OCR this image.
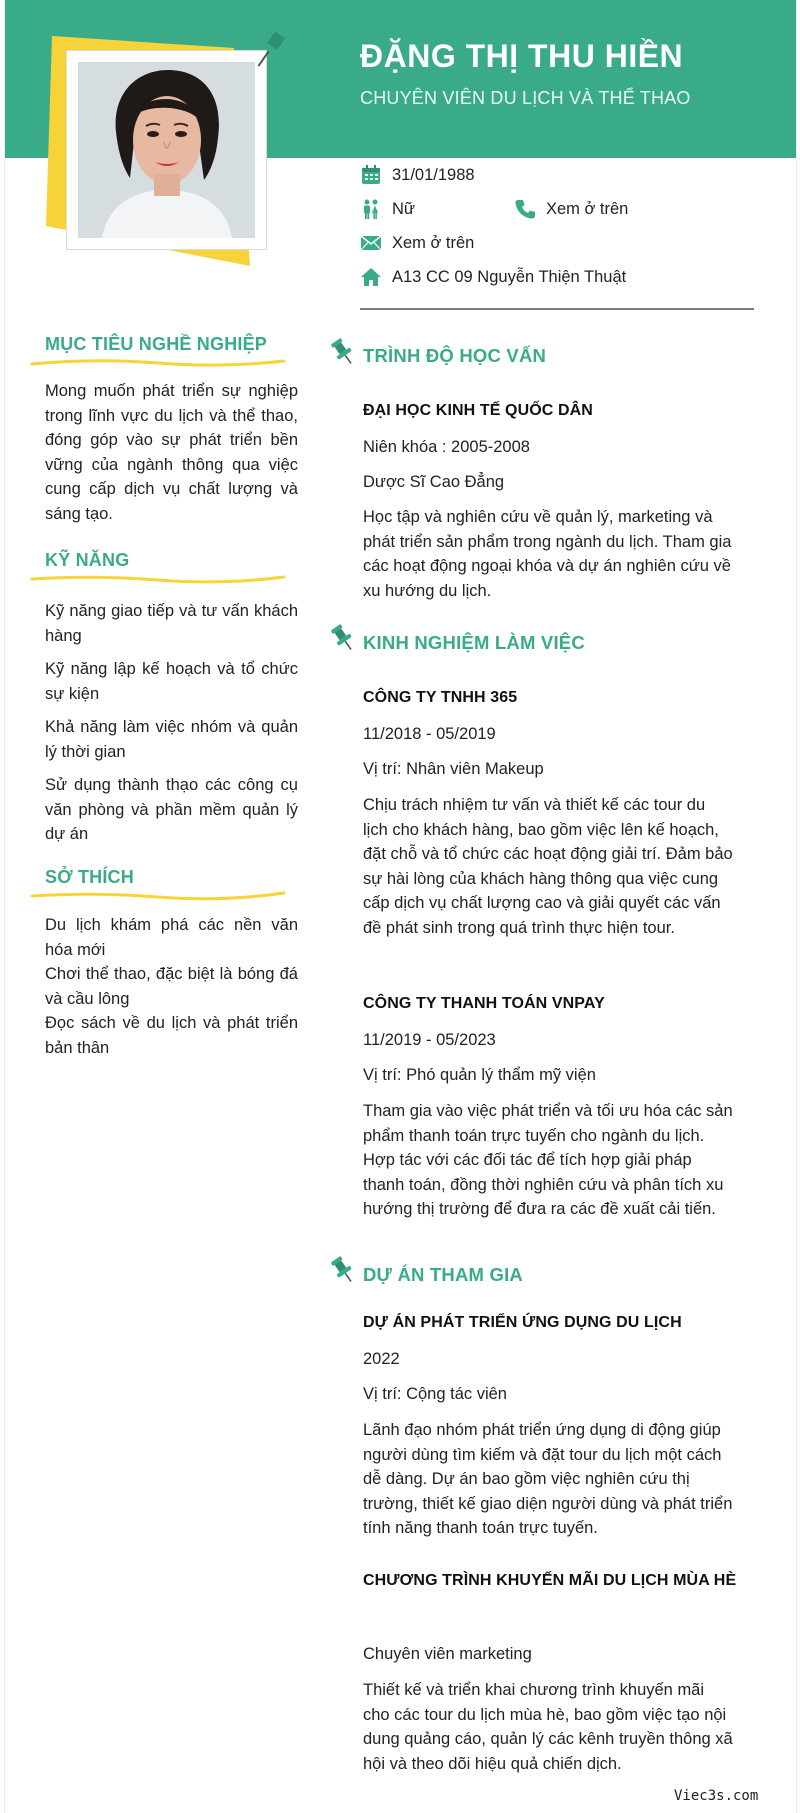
ĐẶNG THỊ THU HIỀN
CHUYÊN VIÊN DU LỊCH VÀ THỂ THAO
31/01/1988
Nữ	Xem ở trên
Xem ở trên
A13 CC 09 Nguyễn Thiện Thuật
MỤC TIÊU NGHỀ NGHIỆP
Mong muốn phát triển sự nghiệp trong lĩnh vực du lịch và thể thao, đóng góp vào sự phát triển bền vững của ngành thông qua việc cung cấp dịch vụ chất lượng và sáng tạo.
KỸ NĂNG

Kỹ năng giao tiếp và tư vấn khách hàng

Kỹ năng lập kế hoạch và tổ chức sự kiện

Khả năng làm việc nhóm và quản lý thời gian

Sử dụng thành thạo các công cụ văn phòng và phần mềm quản lý dự án

SỞ THÍCH

Du lịch khám phá các nền văn hóa mới

Chơi thể thao, đặc biệt là bóng đá và cầu lông

Đọc sách về du lịch và phát triển bản thân

TRÌNH ĐỘ HỌC VẤN
ĐẠI HỌC KINH TẾ QUỐC DÂN
Niên khóa : 2005-2008
Dược Sĩ Cao Đẳng
Học tập và nghiên cứu về quản lý, marketing và phát triển sản phẩm trong ngành du lịch. Tham gia các hoạt động ngoại khóa và dự án nghiên cứu về xu hướng du lịch.
KINH NGHIỆM LÀM VIỆC
CÔNG TY TNHH 365
11/2018 - 05/2019
Vị trí: Nhân viên Makeup
Chịu trách nhiệm tư vấn và thiết kế các tour du lịch cho khách hàng, bao gồm việc lên kế hoạch, đặt chỗ và tổ chức các hoạt động giải trí. Đảm bảo sự hài lòng của khách hàng thông qua việc cung cấp dịch vụ chất lượng cao và giải quyết các vấn đề phát sinh trong quá trình thực hiện tour.
CÔNG TY THANH TOÁN VNPAY
11/2019 - 05/2023
Vị trí: Phó quản lý thẩm mỹ viện
Tham gia vào việc phát triển và tối ưu hóa các sản phẩm thanh toán trực tuyến cho ngành du lịch. Hợp tác với các đối tác để tích hợp giải pháp thanh toán, đồng thời nghiên cứu và phân tích xu hướng thị trường để đưa ra các đề xuất cải tiến.
DỰ ÁN THAM GIA
DỰ ÁN PHÁT TRIỂN ỨNG DỤNG DU LỊCH
2022
Vị trí: Cộng tác viên
Lãnh đạo nhóm phát triển ứng dụng di động giúp người dùng tìm kiếm và đặt tour du lịch một cách dễ dàng. Dự án bao gồm việc nghiên cứu thị trường, thiết kế giao diện người dùng và phát triển tính năng thanh toán trực tuyến.
CHƯƠNG TRÌNH KHUYẾN MÃI DU LỊCH MÙA HÈ
Chuyên viên marketing
Thiết kế và triển khai chương trình khuyến mãi cho các tour du lịch mùa hè, bao gồm việc tạo nội dung quảng cáo, quản lý các kênh truyền thông xã hội và theo dõi hiệu quả chiến dịch.
Viec3s.com
